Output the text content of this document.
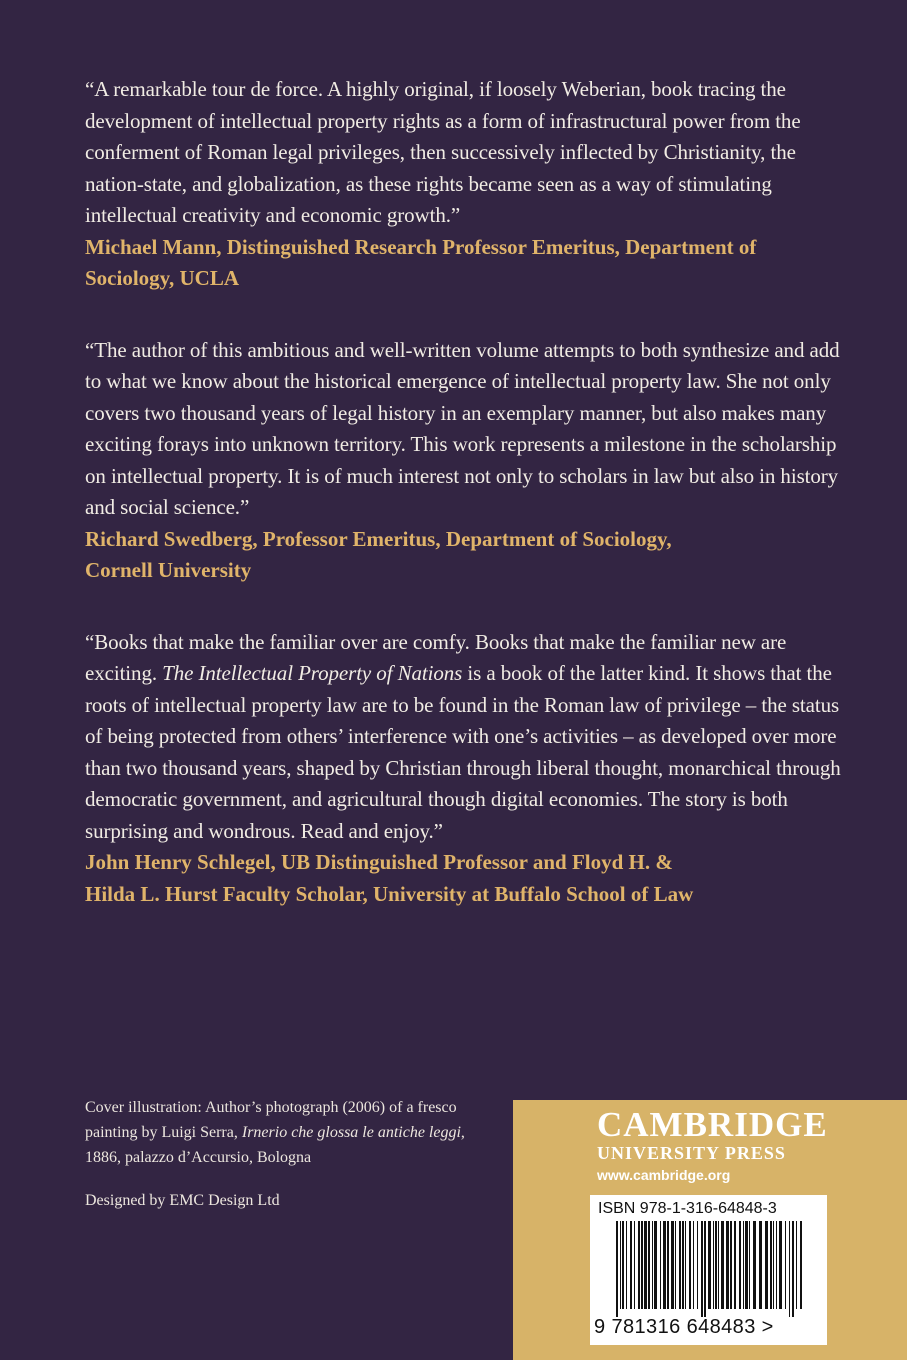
“A remarkable tour de force. A highly original, if loosely Weberian, book tracing the development of intellectual property rights as a form of infrastructural power from the conferment of Roman legal privileges, then successively inflected by Christianity, the nation-state, and globalization, as these rights became seen as a way of stimulating intellectual creativity and economic growth.”

Michael Mann, Distinguished Research Professor Emeritus, Department of Sociology, UCLA

“The author of this ambitious and well-written volume attempts to both synthesize and add to what we know about the historical emergence of intellectual property law. She not only covers two thousand years of legal history in an exemplary manner, but also makes many exciting forays into unknown territory. This work represents a milestone in the scholarship on intellectual property. It is of much interest not only to scholars in law but also in history and social science.”

Richard Swedberg, Professor Emeritus, Department of Sociology,

Cornell University

“Books that make the familiar over are comfy. Books that make the familiar new are exciting. The Intellectual Property of Nations is a book of the latter kind. It shows that the roots of intellectual property law are to be found in the Roman law of privilege – the status of being protected from others’ interference with one’s activities – as developed over more than two thousand years, shaped by Christian through liberal thought, monarchical through democratic government, and agricultural though digital economies. The story is both surprising and wondrous. Read and enjoy.”

John Henry Schlegel, UB Distinguished Professor and Floyd H. &

Hilda L. Hurst Faculty Scholar, University at Buffalo School of Law

Cover illustration: Author’s photograph (2006) of a fresco painting by Luigi Serra, Irnerio che glossa le antiche leggi, 1886, palazzo d’Accursio, Bologna

Designed by EMC Design Ltd

CAMBRIDGE
UNIVERSITY PRESS
www.cambridge.org
ISBN 978-1-316-64848-3
9 781316 648483 >
